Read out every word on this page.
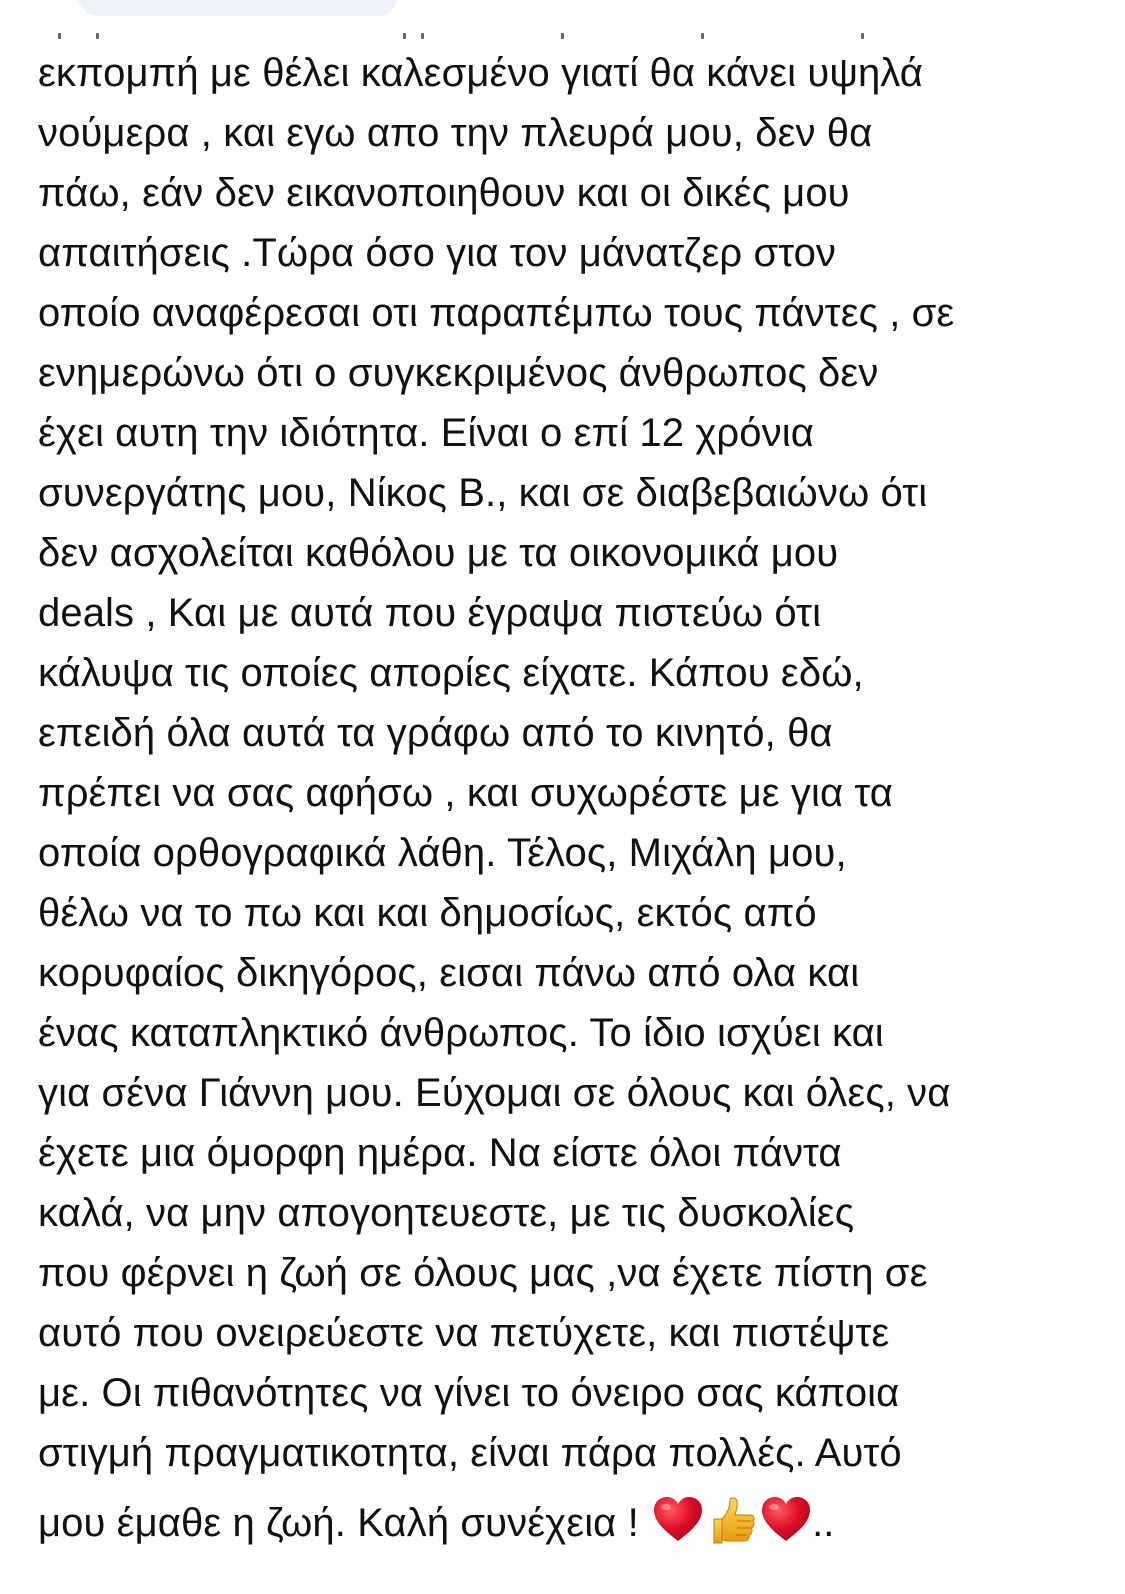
εκπομπή με θέλει καλεσμένο γιατί θα κάνει υψηλά
νούμερα , και εγω απο την πλευρά μου, δεν θα
πάω, εάν δεν εικανοποιηθουν και οι δικές μου
απαιτήσεις .Τώρα όσο για τον μάνατζερ στον
οποίο αναφέρεσαι οτι παραπέμπω τους πάντες , σε
ενημερώνω ότι ο συγκεκριμένος άνθρωπος δεν
έχει αυτη την ιδιότητα. Είναι ο επί 12 χρόνια
συνεργάτης μου, Νίκος Β., και σε διαβεβαιώνω ότι
δεν ασχολείται καθόλου με τα οικονομικά μου
deals , Και με αυτά που έγραψα πιστεύω ότι
κάλυψα τις οποίες απορίες είχατε. Κάπου εδώ,
επειδή όλα αυτά τα γράφω από το κινητό, θα
πρέπει να σας αφήσω , και συχωρέστε με για τα
οποία ορθογραφικά λάθη. Τέλος, Μιχάλη μου,
θέλω να το πω και και δημοσίως, εκτός από
κορυφαίος δικηγόρος, εισαι πάνω από ολα και
ένας καταπληκτικό άνθρωπος. Το ίδιο ισχύει και
για σένα Γιάννη μου. Εύχομαι σε όλους και όλες, να
έχετε μια όμορφη ημέρα. Να είστε όλοι πάντα
καλά, να μην απογοητευεστε, με τις δυσκολίες
που φέρνει η ζωή σε όλους μας ,να έχετε πίστη σε
αυτό που ονειρεύεστε να πετύχετε, και πιστέψτε
με. Οι πιθανότητες να γίνει το όνειρο σας κάποια
στιγμή πραγματικοτητα, είναι πάρα πολλές. Αυτό
μου έμαθε η ζωή. Καλή συνέχεια !	..
